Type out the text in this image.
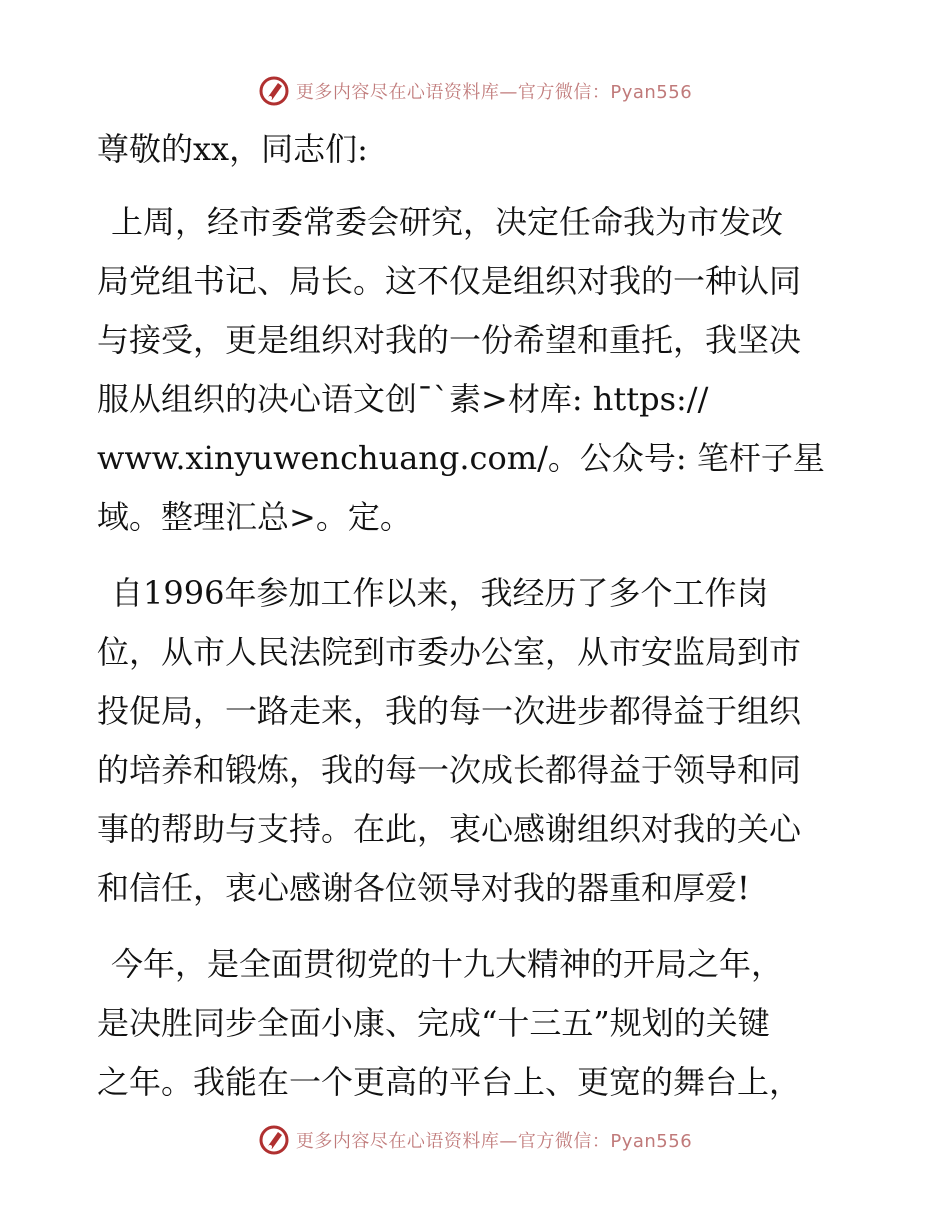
更多内容尽在心语资料库—官方微信：Pyan556

尊敬的xx，同志们:

上周，经市委常委会研究，决定任命我为市发改
局党组书记、局长。这不仅是组织对我的一种认同
与接受，更是组织对我的一份希望和重托，我坚决
服从组织的决心语文创¯`素>材库: https://
www.xinyuwenchuang.com/。公众号: 笔杆子星
域。整理汇总>。定。

自1996年参加工作以来，我经历了多个工作岗
位，从市人民法院到市委办公室，从市安监局到市
投促局，一路走来，我的每一次进步都得益于组织
的培养和锻炼，我的每一次成长都得益于领导和同
事的帮助与支持。在此，衷心感谢组织对我的关心
和信任，衷心感谢各位领导对我的器重和厚爱!

今年，是全面贯彻党的十九大精神的开局之年，
是决胜同步全面小康、完成“十三五”规划的关键
之年。我能在一个更高的平台上、更宽的舞台上，

更多内容尽在心语资料库—官方微信：Pyan556
